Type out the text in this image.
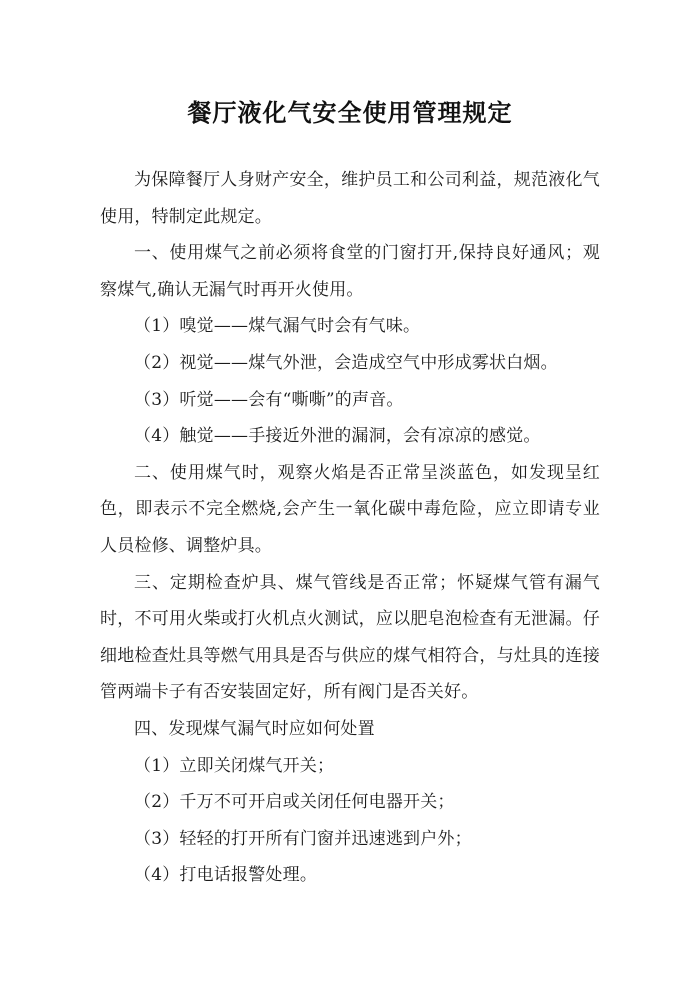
餐厅液化气安全使用管理规定

为保障餐厅人身财产安全，维护员工和公司利益，规范液化气使用，特制定此规定。

一、使用煤气之前必须将食堂的门窗打开,保持良好通风；观察煤气,确认无漏气时再开火使用。

（1）嗅觉——煤气漏气时会有气味。

（2）视觉——煤气外泄，会造成空气中形成雾状白烟。

（3）听觉——会有“嘶嘶”的声音。

（4）触觉——手接近外泄的漏洞，会有凉凉的感觉。

二、使用煤气时，观察火焰是否正常呈淡蓝色，如发现呈红色，即表示不完全燃烧,会产生一氧化碳中毒危险，应立即请专业人员检修、调整炉具。

三、定期检查炉具、煤气管线是否正常；怀疑煤气管有漏气时，不可用火柴或打火机点火测试，应以肥皂泡检查有无泄漏。仔细地检查灶具等燃气用具是否与供应的煤气相符合，与灶具的连接管两端卡子有否安装固定好，所有阀门是否关好。

四、发现煤气漏气时应如何处置

（1）立即关闭煤气开关；

（2）千万不可开启或关闭任何电器开关；

（3）轻轻的打开所有门窗并迅速逃到户外；

（4）打电话报警处理。
